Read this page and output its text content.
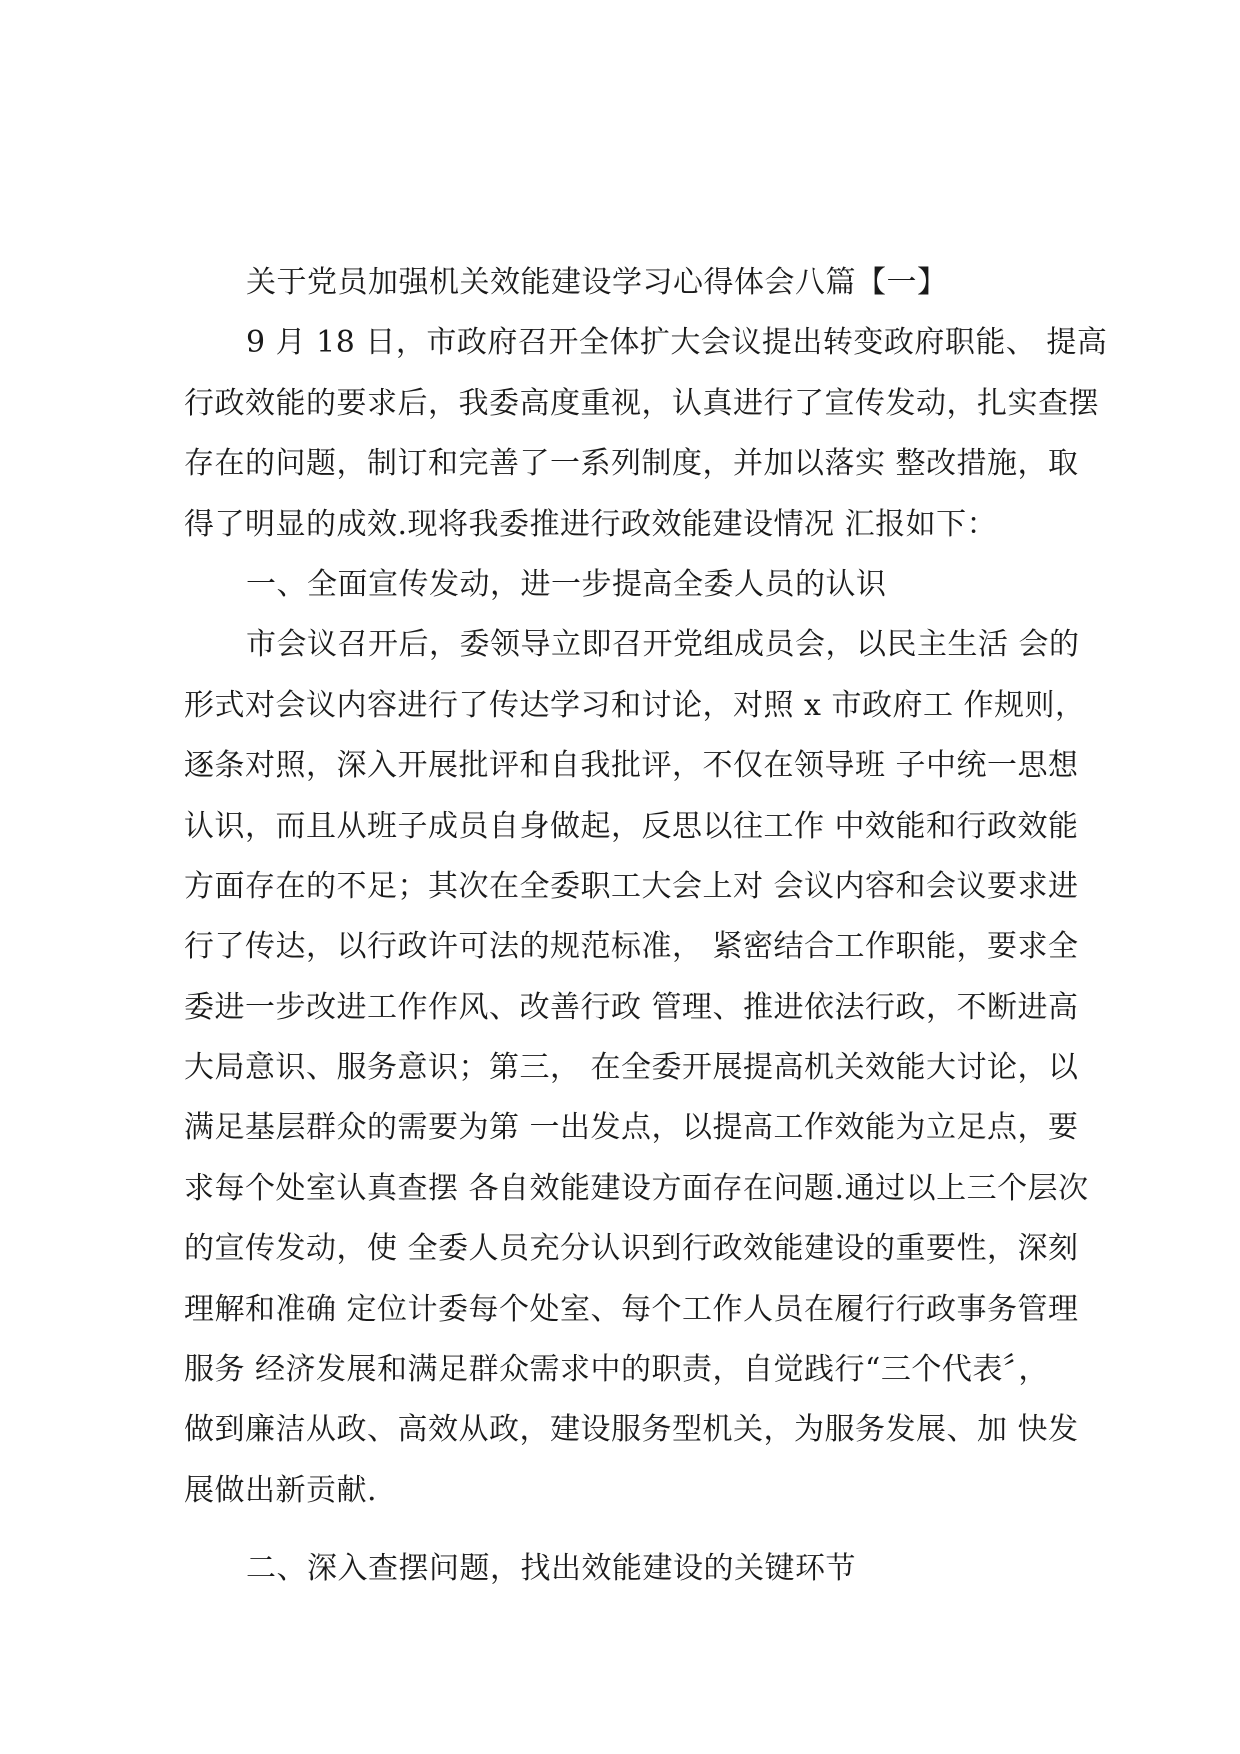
关于党员加强机关效能建设学习心得体会八篇【一】
9 月 18 日，市政府召开全体扩大会议提出转变政府职能、 提高
行政效能的要求后，我委高度重视，认真进行了宣传发动，扎实查摆
存在的问题，制订和完善了一系列制度，并加以落实 整改措施，取
得了明显的成效.现将我委推进行政效能建设情况 汇报如下：
一、全面宣传发动，进一步提高全委人员的认识
市会议召开后，委领导立即召开党组成员会，以民主生活 会的
形式对会议内容进行了传达学习和讨论，对照 x 市政府工 作规则，
逐条对照，深入开展批评和自我批评，不仅在领导班 子中统一思想
认识，而且从班子成员自身做起，反思以往工作 中效能和行政效能
方面存在的不足；其次在全委职工大会上对 会议内容和会议要求进
行了传达，以行政许可法的规范标准， 紧密结合工作职能，要求全
委进一步改进工作作风、改善行政 管理、推进依法行政，不断进高
大局意识、服务意识；第三， 在全委开展提高机关效能大讨论，以
满足基层群众的需要为第 一出发点，以提高工作效能为立足点，要
求每个处室认真查摆 各自效能建设方面存在问题.通过以上三个层次
的宣传发动，使 全委人员充分认识到行政效能建设的重要性，深刻
理解和准确 定位计委每个处室、每个工作人员在履行行政事务管理
服务 经济发展和满足群众需求中的职责，自觉践行“三个代表〞，
做到廉洁从政、高效从政，建设服务型机关，为服务发展、加 快发
展做出新贡献.
二、深入查摆问题，找出效能建设的关键环节
